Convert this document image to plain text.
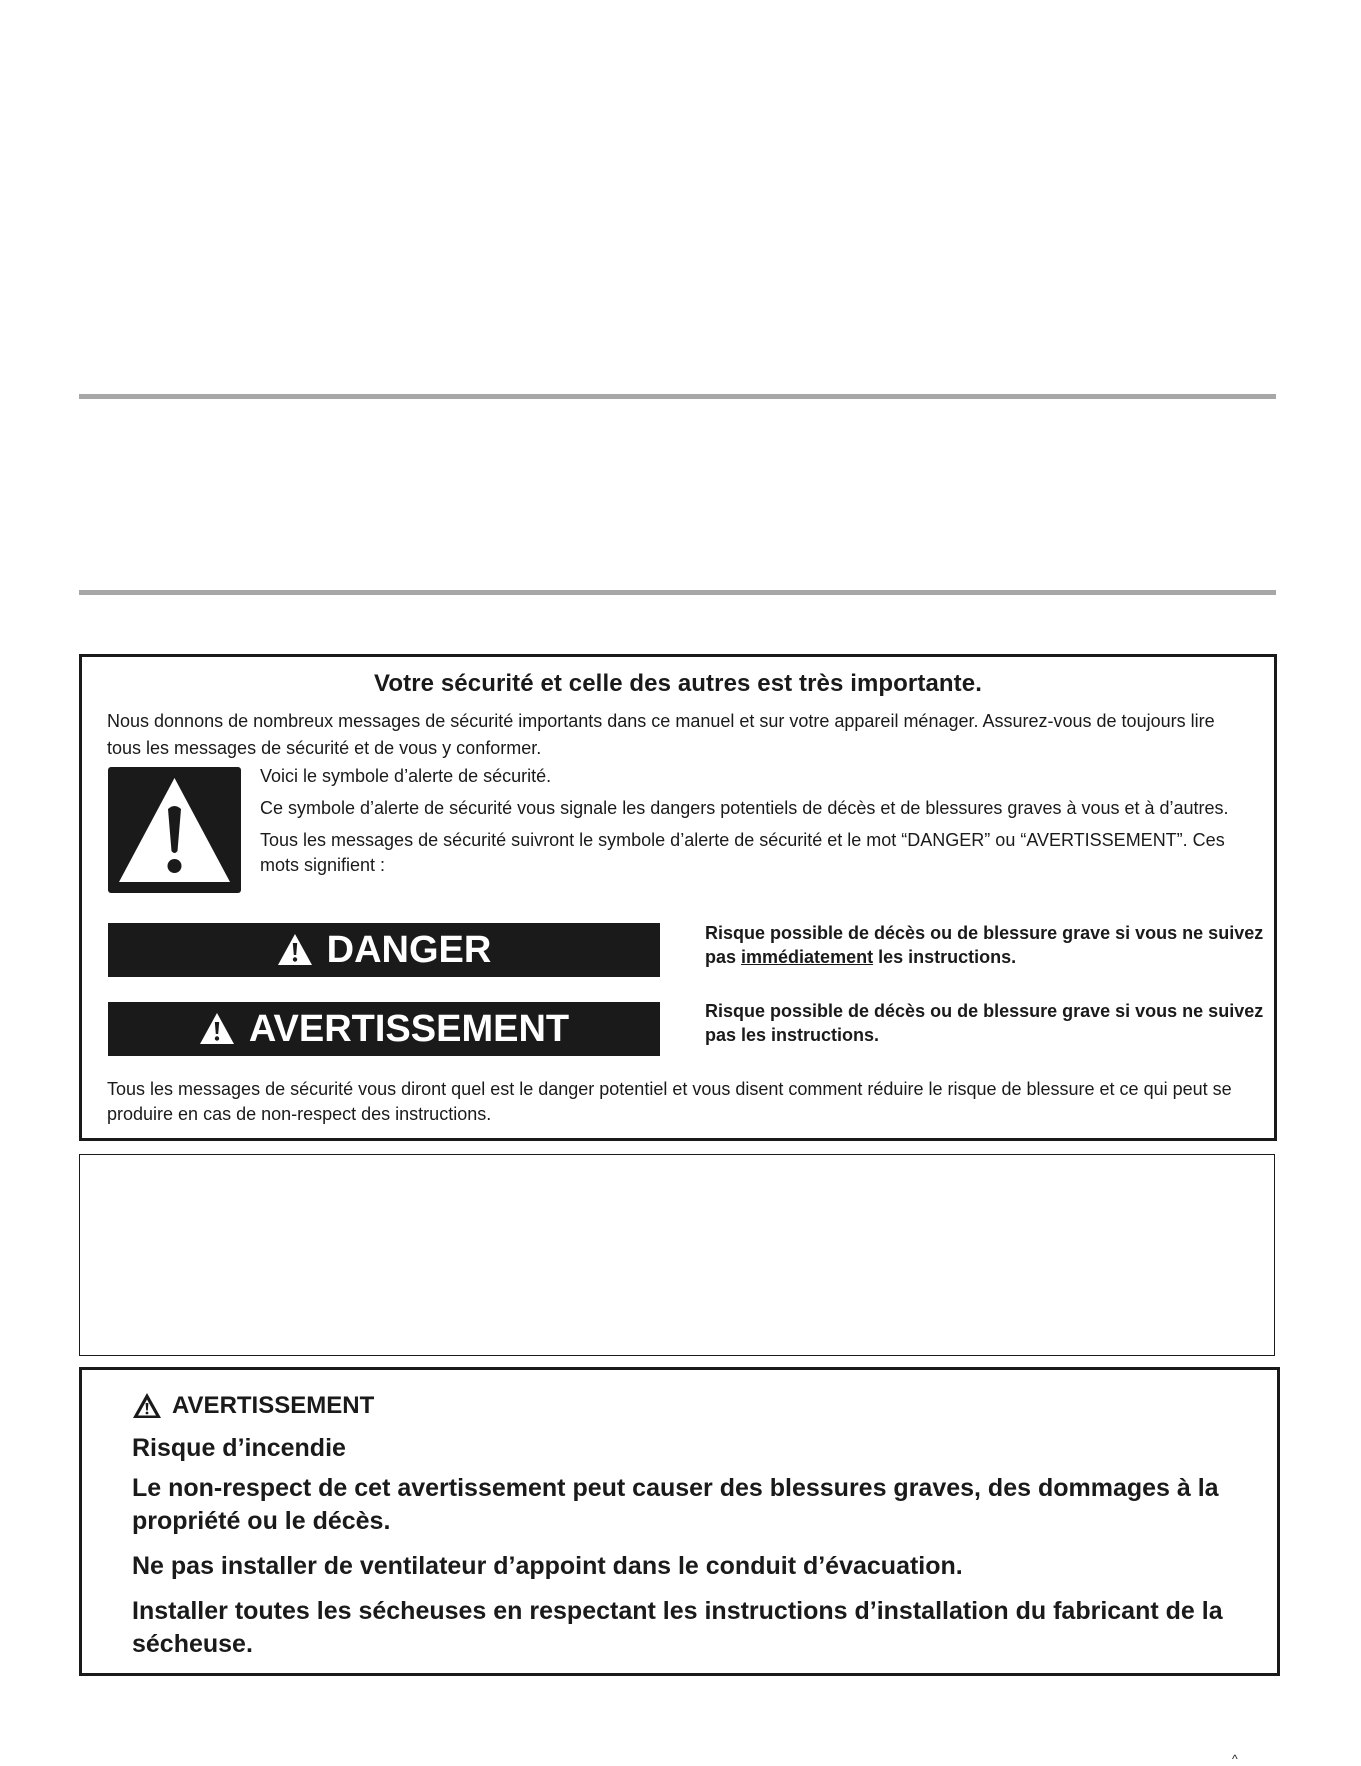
Votre sécurité et celle des autres est très importante.
Nous donnons de nombreux messages de sécurité importants dans ce manuel et sur votre appareil ménager. Assurez-vous de toujours lire tous les messages de sécurité et de vous y conformer.

Voici le symbole d’alerte de sécurité.

Ce symbole d’alerte de sécurité vous signale les dangers potentiels de décès et de blessures graves à vous et à d’autres.

Tous les messages de sécurité suivront le symbole d’alerte de sécurité et le mot “DANGER” ou “AVERTISSEMENT”. Ces mots signifient :

DANGER	Risque possible de décès ou de blessure grave si vous ne suivez pas immédiatement les instructions.
AVERTISSEMENT	Risque possible de décès ou de blessure grave si vous ne suivez pas les instructions.
Tous les messages de sécurité vous diront quel est le danger potentiel et vous disent comment réduire le risque de blessure et ce qui peut se produire en cas de non-respect des instructions.
AVERTISSEMENT

Risque d’incendie

Le non-respect de cet avertissement peut causer des blessures graves, des dommages à la propriété ou le décès.

Ne pas installer de ventilateur d’appoint dans le conduit d’évacuation.

Installer toutes les sécheuses en respectant les instructions d’installation du fabricant de la sécheuse.

^
